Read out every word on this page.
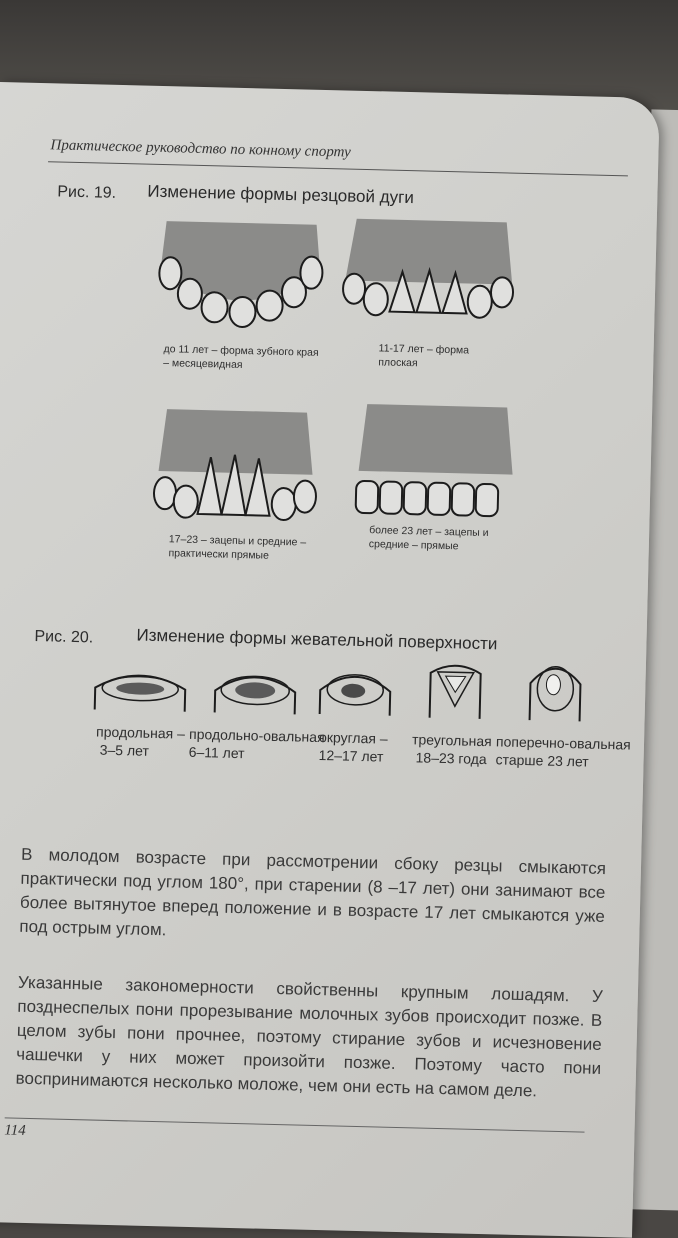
Практическое руководство по конному спорту
Рис. 19. Изменение формы резцовой дуги
до 11 лет – форма зубного края – месяцевидная
11-17 лет – форма плоская
17–23 – зацепы и средние – практически прямые
более 23 лет – зацепы и средние – прямые
Рис. 20.	Изменение формы жевательной поверхности
продольная –
3–5 лет
продольно-овальная
6–11 лет
округлая –
12–17 лет
треугольная
18–23 года
поперечно-овальная
старше 23 лет
В молодом возрасте при рассмотрении сбоку резцы смыкаются практически под углом 180°, при старении (8 –17 лет) они занимают все более вытянутое вперед положение и в возрасте 17 лет смыкаются уже под острым углом.
Указанные закономерности свойственны крупным лошадям. У позднеспелых пони прорезывание молочных зубов происходит позже. В целом зубы пони прочнее, поэтому стирание зубов и исчезновение чашечки у них может произойти позже. Поэтому часто пони воспринимаются несколько моложе, чем они есть на самом деле.
114
